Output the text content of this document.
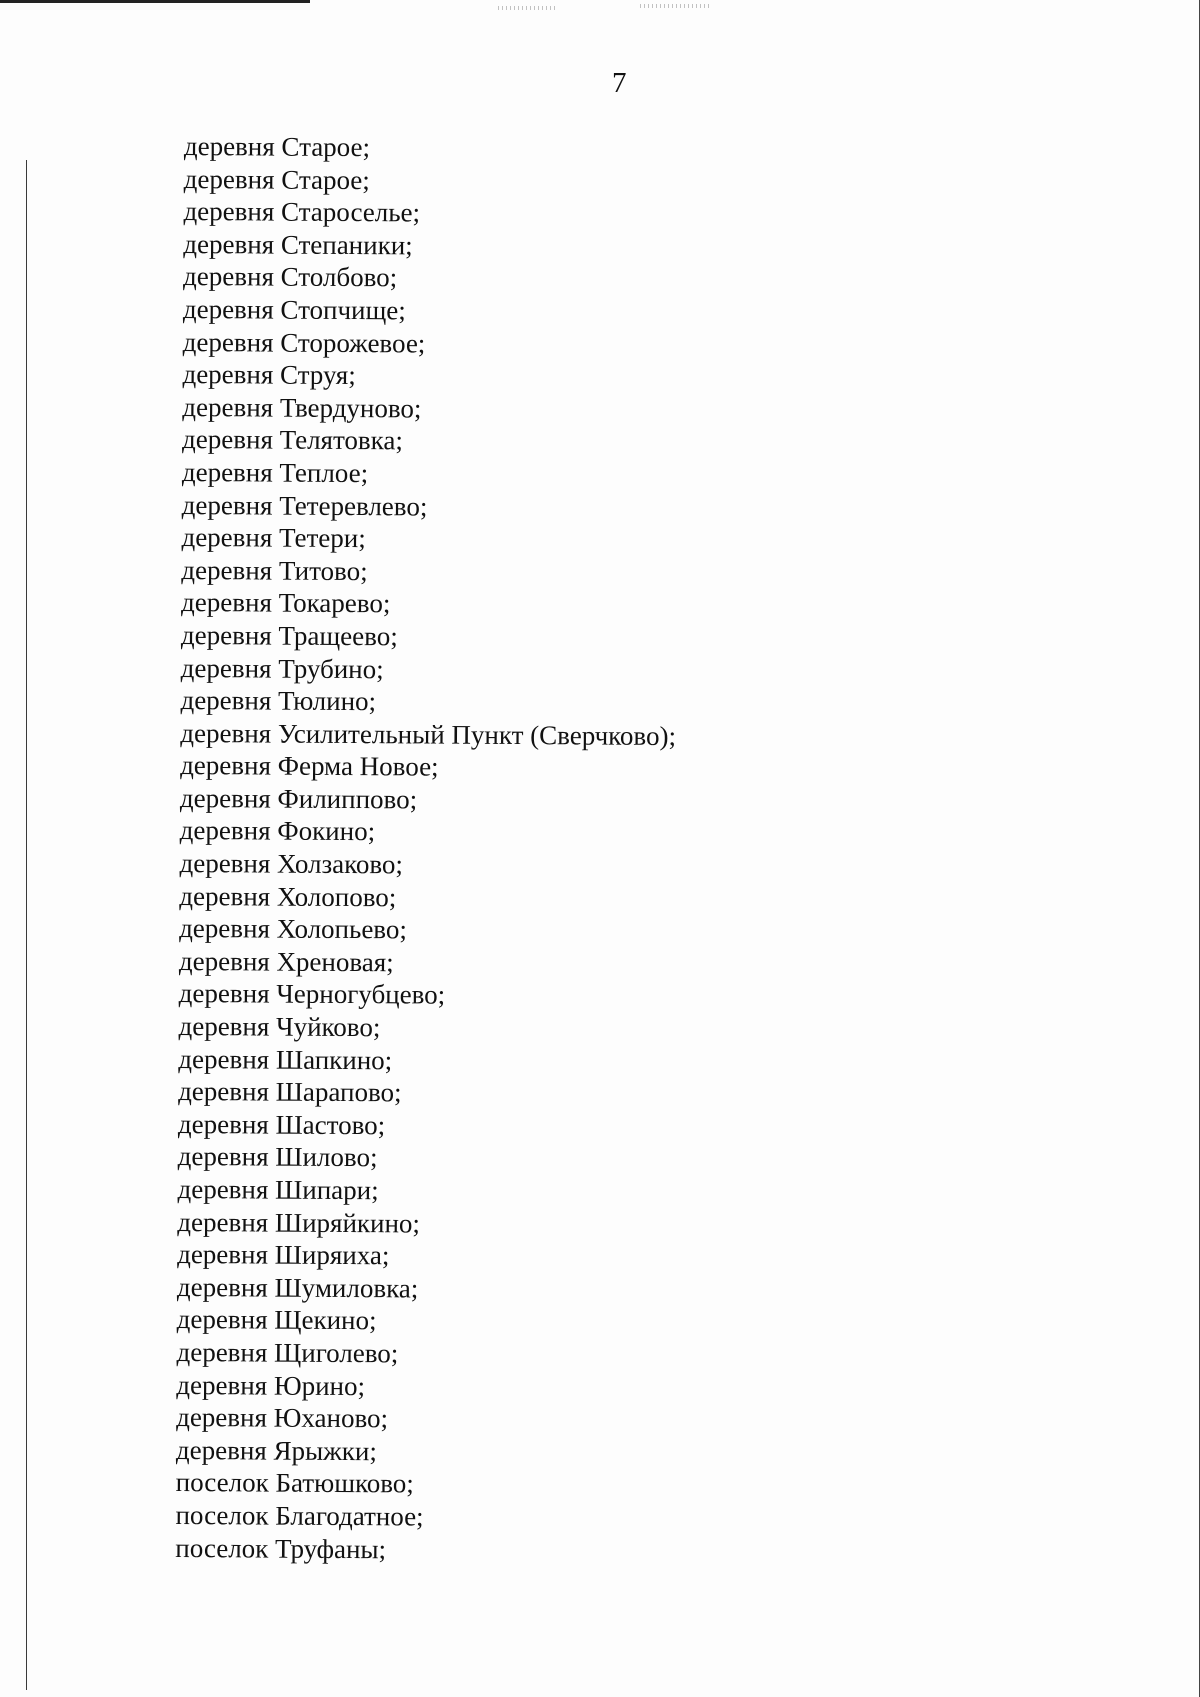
7
деревня Старое;
деревня Старое;
деревня Староселье;
деревня Степаники;
деревня Столбово;
деревня Стопчище;
деревня Сторожевое;
деревня Струя;
деревня Твердуново;
деревня Телятовка;
деревня Теплое;
деревня Тетеревлево;
деревня Тетери;
деревня Титово;
деревня Токарево;
деревня Тращеево;
деревня Трубино;
деревня Тюлино;
деревня Усилительный Пункт (Сверчково);
деревня Ферма Новое;
деревня Филиппово;
деревня Фокино;
деревня Холзаково;
деревня Холопово;
деревня Холопьево;
деревня Хреновая;
деревня Черногубцево;
деревня Чуйково;
деревня Шапкино;
деревня Шарапово;
деревня Шастово;
деревня Шилово;
деревня Шипари;
деревня Ширяйкино;
деревня Ширяиха;
деревня Шумиловка;
деревня Щекино;
деревня Щиголево;
деревня Юрино;
деревня Юханово;
деревня Ярыжки;
поселок Батюшково;
поселок Благодатное;
поселок Труфаны;
